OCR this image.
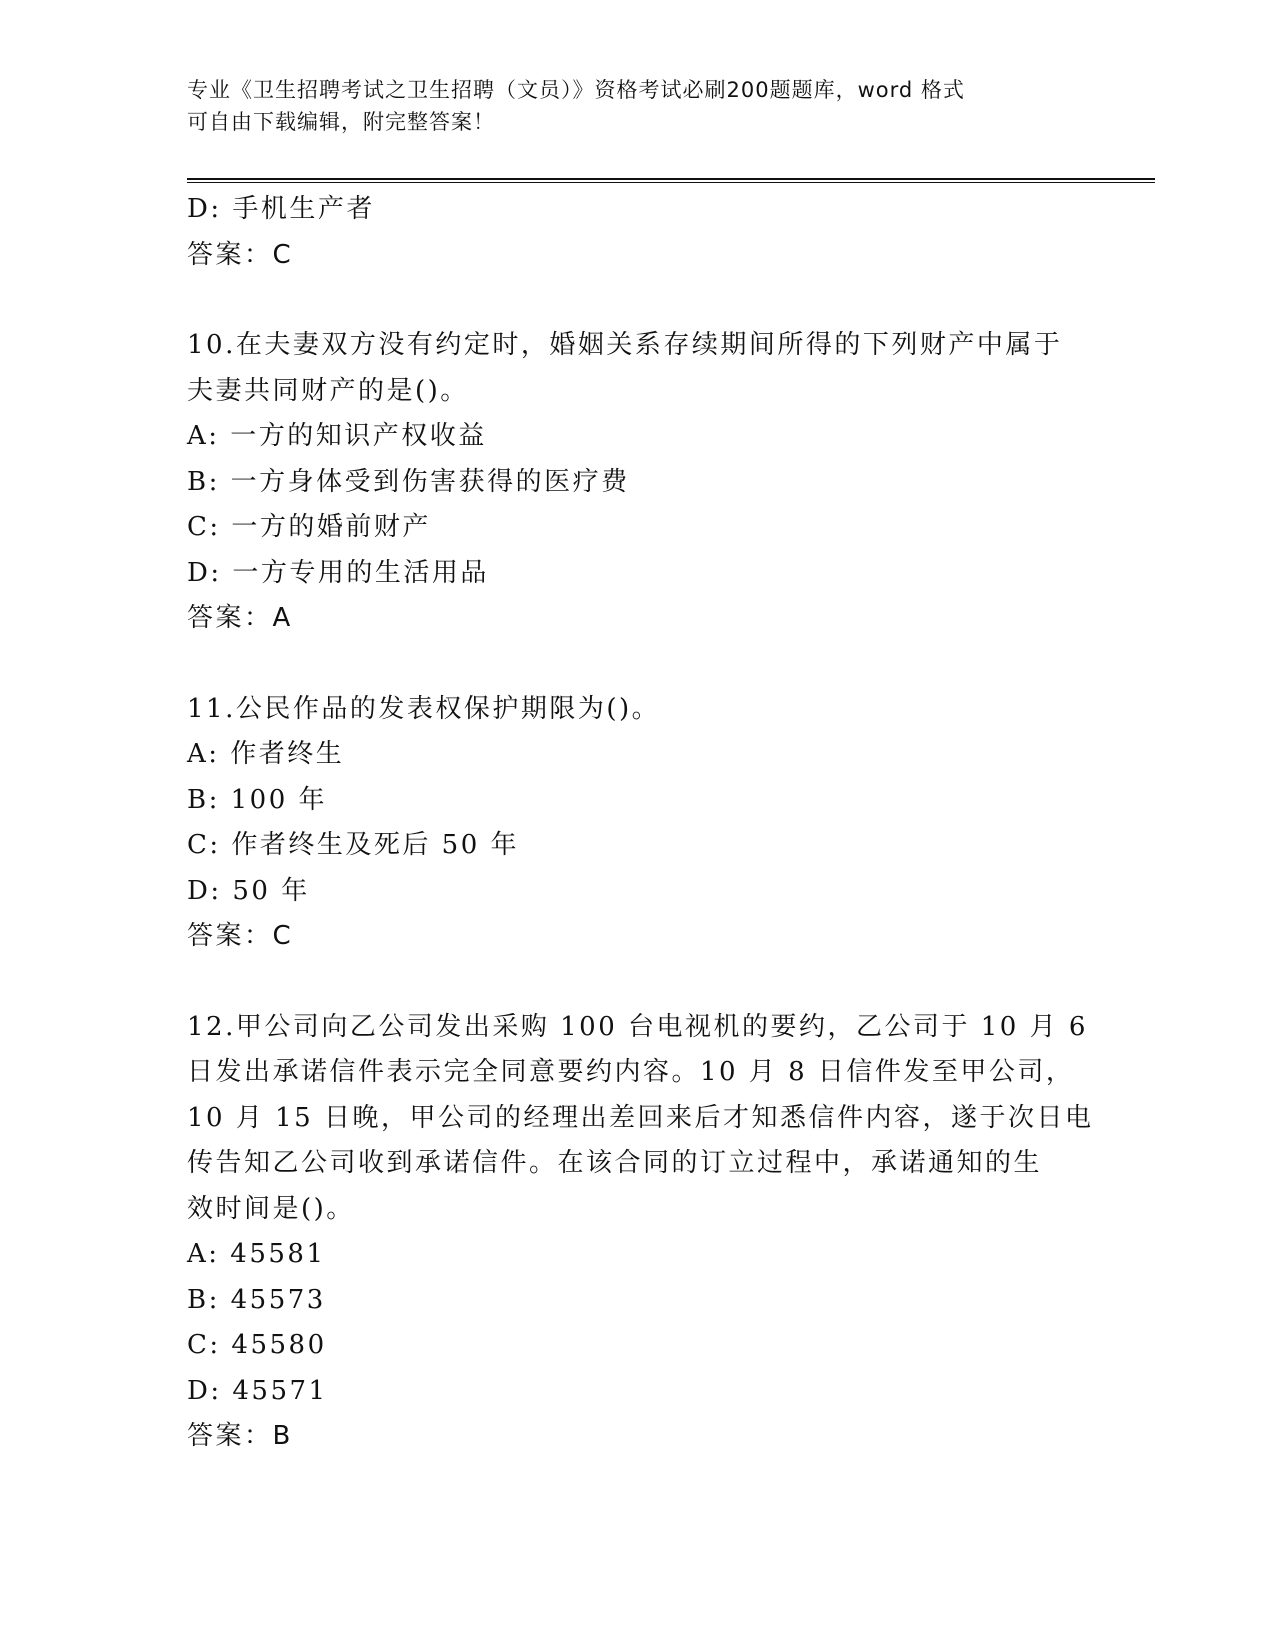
专业《卫生招聘考试之卫生招聘（文员）》资格考试必刷200题题库，word 格式
可自由下载编辑，附完整答案！
D: 手机生产者
答案：C
10.在夫妻双方没有约定时，婚姻关系存续期间所得的下列财产中属于
夫妻共同财产的是()。
A: 一方的知识产权收益
B: 一方身体受到伤害获得的医疗费
C: 一方的婚前财产
D: 一方专用的生活用品
答案：A
11.公民作品的发表权保护期限为()。
A: 作者终生
B: 100 年
C: 作者终生及死后 50 年
D: 50 年
答案：C
12.甲公司向乙公司发出采购 100 台电视机的要约，乙公司于 10 月 6
日发出承诺信件表示完全同意要约内容。10 月 8 日信件发至甲公司，
10 月 15 日晚，甲公司的经理出差回来后才知悉信件内容，遂于次日电
传告知乙公司收到承诺信件。在该合同的订立过程中，承诺通知的生
效时间是()。
A: 45581
B: 45573
C: 45580
D: 45571
答案：B
